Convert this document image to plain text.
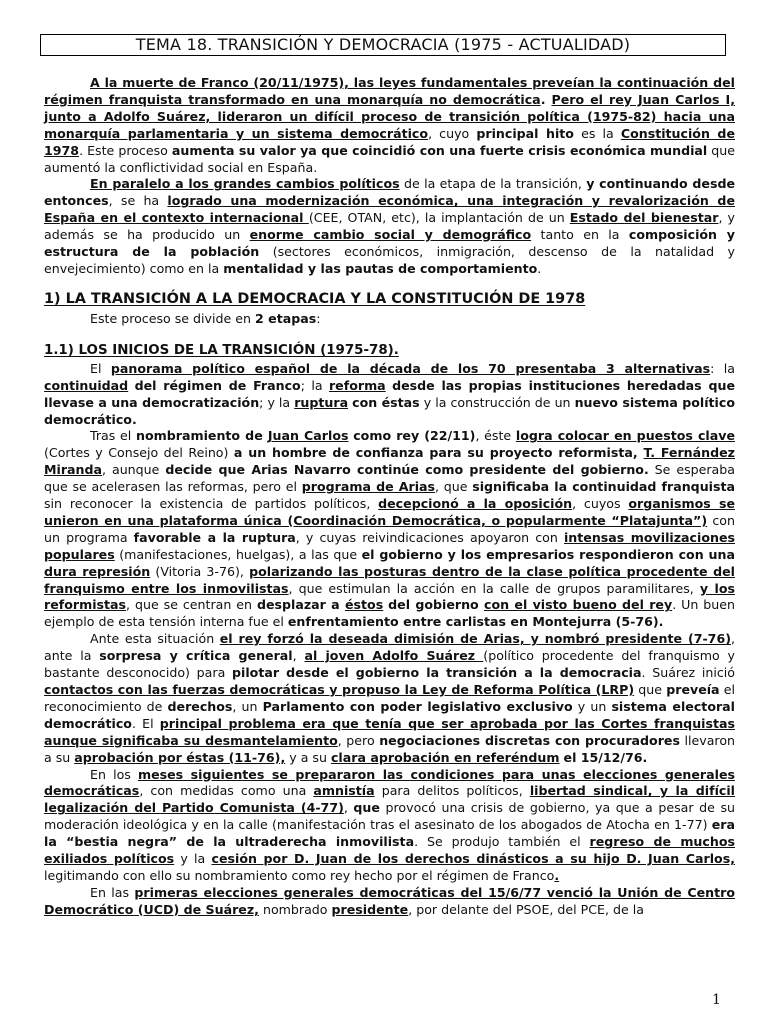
TEMA 18. TRANSICIÓN Y DEMOCRACIA (1975 - ACTUALIDAD)

A la muerte de Franco (20/11/1975), las leyes fundamentales preveían la continuación del régimen franquista transformado en una monarquía no democrática. Pero el rey Juan Carlos I, junto a Adolfo Suárez, lideraron un difícil proceso de transición política (1975-82) hacia una monarquía parlamentaria y un sistema democrático, cuyo principal hito es la Constitución de 1978. Este proceso aumenta su valor ya que coincidió con una fuerte crisis económica mundial que aumentó la conflictividad social en España.

En paralelo a los grandes cambios políticos de la etapa de la transición, y continuando desde entonces, se ha logrado una modernización económica, una integración y revalorización de España en el contexto internacional (CEE, OTAN, etc), la implantación de un Estado del bienestar, y además se ha producido un enorme cambio social y demográfico tanto en la composición y estructura de la población (sectores económicos, inmigración, descenso de la natalidad y envejecimiento) como en la mentalidad y las pautas de comportamiento.

1) LA TRANSICIÓN A LA DEMOCRACIA Y LA CONSTITUCIÓN DE 1978

Este proceso se divide en 2 etapas:

1.1) LOS INICIOS DE LA TRANSICIÓN (1975-78).

El panorama político español de la década de los 70 presentaba 3 alternativas: la continuidad del régimen de Franco; la reforma desde las propias instituciones heredadas que llevase a una democratización; y la ruptura con éstas y la construcción de un nuevo sistema político democrático.

Tras el nombramiento de Juan Carlos como rey (22/11), éste logra colocar en puestos clave (Cortes y Consejo del Reino) a un hombre de confianza para su proyecto reformista, T. Fernández Miranda, aunque decide que Arias Navarro continúe como presidente del gobierno. Se esperaba que se acelerasen las reformas, pero el programa de Arias, que significaba la continuidad franquista sin reconocer la existencia de partidos políticos, decepcionó a la oposición, cuyos organismos se unieron en una plataforma única (Coordinación Democrática, o popularmente “Platajunta”) con un programa favorable a la ruptura, y cuyas reivindicaciones apoyaron con intensas movilizaciones populares (manifestaciones, huelgas), a las que el gobierno y los empresarios respondieron con una dura represión (Vitoria 3-76), polarizando las posturas dentro de la clase política procedente del franquismo entre los inmovilistas, que estimulan la acción en la calle de grupos paramilitares, y los reformistas, que se centran en desplazar a éstos del gobierno con el visto bueno del rey. Un buen ejemplo de esta tensión interna fue el enfrentamiento entre carlistas en Montejurra (5-76).

Ante esta situación el rey forzó la deseada dimisión de Arias, y nombró presidente (7-76), ante la sorpresa y crítica general, al joven Adolfo Suárez (político procedente del franquismo y bastante desconocido) para pilotar desde el gobierno la transición a la democracia. Suárez inició contactos con las fuerzas democráticas y propuso la Ley de Reforma Política (LRP) que preveía el reconocimiento de derechos, un Parlamento con poder legislativo exclusivo y un sistema electoral democrático. El principal problema era que tenía que ser aprobada por las Cortes franquistas aunque significaba su desmantelamiento, pero negociaciones discretas con procuradores llevaron a su aprobación por éstas (11-76), y a su clara aprobación en referéndum el 15/12/76.

En los meses siguientes se prepararon las condiciones para unas elecciones generales democráticas, con medidas como una amnistía para delitos políticos, libertad sindical, y la difícil legalización del Partido Comunista (4-77), que provocó una crisis de gobierno, ya que a pesar de su moderación ideológica y en la calle (manifestación tras el asesinato de los abogados de Atocha en 1-77) era la “bestia negra” de la ultraderecha inmovilista. Se produjo también el regreso de muchos exiliados políticos y la cesión por D. Juan de los derechos dinásticos a su hijo D. Juan Carlos, legitimando con ello su nombramiento como rey hecho por el régimen de Franco.

En las primeras elecciones generales democráticas del 15/6/77 venció la Unión de Centro Democrático (UCD) de Suárez, nombrado presidente, por delante del PSOE, del PCE, de la

1
